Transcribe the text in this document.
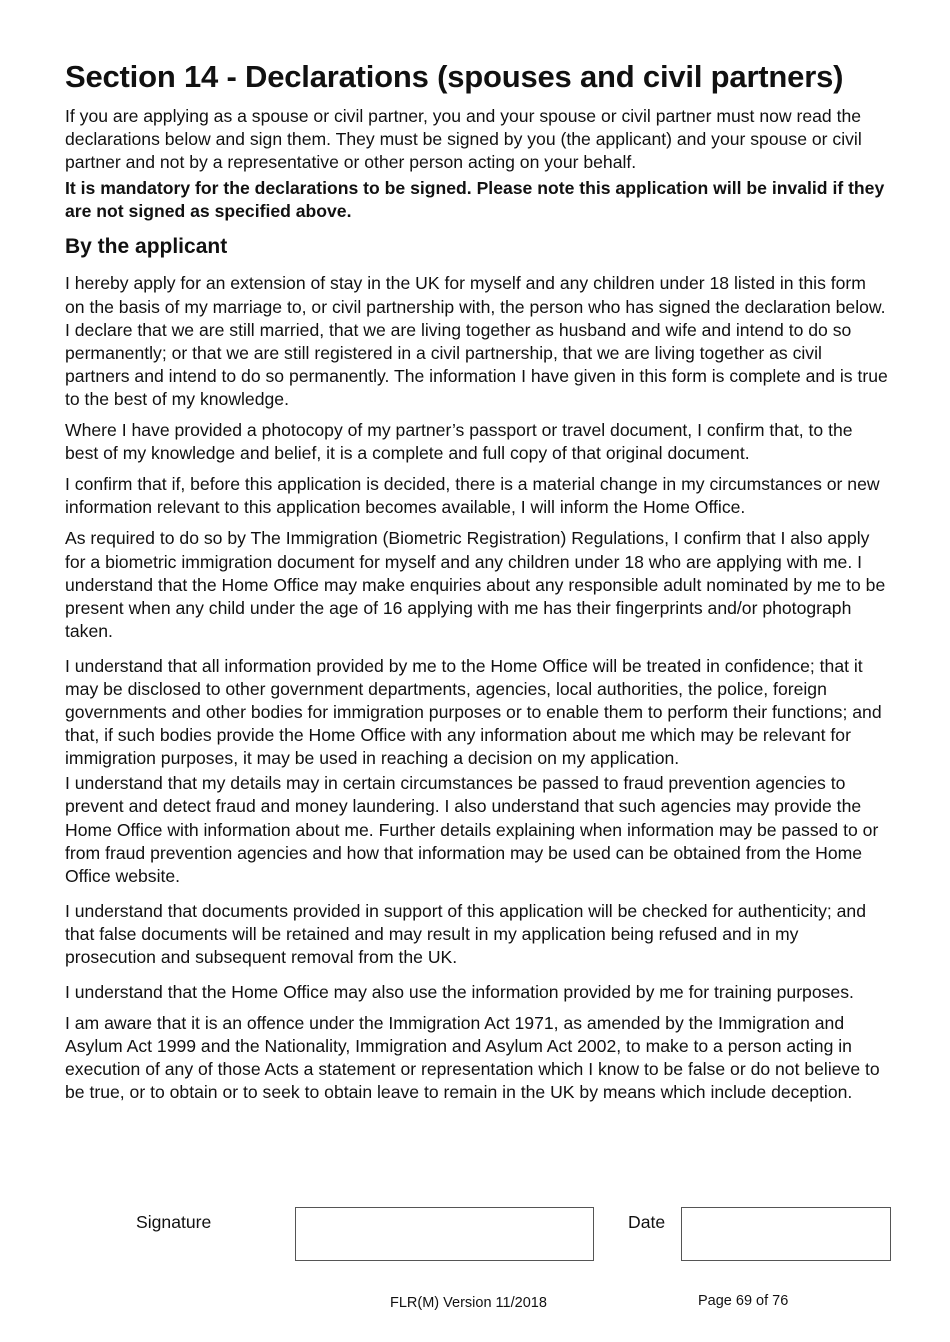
Section 14 - Declarations (spouses and civil partners)

If you are applying as a spouse or civil partner, you and your spouse or civil partner must now read the declarations below and sign them. They must be signed by you (the applicant) and your spouse or civil partner and not by a representative or other person acting on your behalf.

It is mandatory for the declarations to be signed. Please note this application will be invalid if they are not signed as specified above.

By the applicant

I hereby apply for an extension of stay in the UK for myself and any children under 18 listed in this form on the basis of my marriage to, or civil partnership with, the person who has signed the declaration below. I declare that we are still married, that we are living together as husband and wife and intend to do so permanently; or that we are still registered in a civil partnership, that we are living together as civil partners and intend to do so permanently. The information I have given in this form is complete and is true to the best of my knowledge.

Where I have provided a photocopy of my partner’s passport or travel document, I confirm that, to the best of my knowledge and belief, it is a complete and full copy of that original document.

I confirm that if, before this application is decided, there is a material change in my circumstances or new information relevant to this application becomes available, I will inform the Home Office.

As required to do so by The Immigration (Biometric Registration) Regulations, I confirm that I also apply for a biometric immigration document for myself and any children under 18 who are applying with me. I understand that the Home Office may make enquiries about any responsible adult nominated by me to be present when any child under the age of 16 applying with me has their fingerprints and/or photograph taken.

I understand that all information provided by me to the Home Office will be treated in confidence; that it may be disclosed to other government departments, agencies, local authorities, the police, foreign governments and other bodies for immigration purposes or to enable them to perform their functions; and that, if such bodies provide the Home Office with any information about me which may be relevant for immigration purposes, it may be used in reaching a decision on my application.

I understand that my details may in certain circumstances be passed to fraud prevention agencies to prevent and detect fraud and money laundering. I also understand that such agencies may provide the Home Office with information about me. Further details explaining when information may be passed to or from fraud prevention agencies and how that information may be used can be obtained from the Home Office website.

I understand that documents provided in support of this application will be checked for authenticity; and that false documents will be retained and may result in my application being refused and in my prosecution and subsequent removal from the UK.

I understand that the Home Office may also use the information provided by me for training purposes.

I am aware that it is an offence under the Immigration Act 1971, as amended by the Immigration and Asylum Act 1999 and the Nationality, Immigration and Asylum Act 2002, to make to a person acting in execution of any of those Acts a statement or representation which I know to be false or do not believe to be true, or to obtain or to seek to obtain leave to remain in the UK by means which include deception.

Signature	Date
FLR(M) Version 11/2018	Page 69 of 76
